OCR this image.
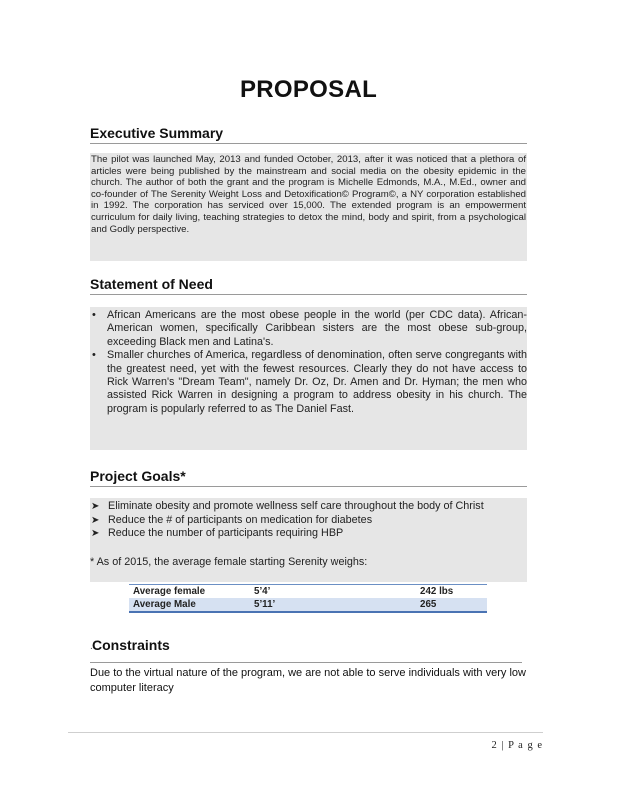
PROPOSAL
Executive Summary

The pilot was launched May, 2013 and funded October, 2013, after it was noticed that a plethora of articles were being published by the mainstream and social media on the obesity epidemic in the church. The author of both the grant and the program is Michelle Edmonds, M.A., M.Ed., owner and co-founder of The Serenity Weight Loss and Detoxification© Program©, a NY corporation established in 1992. The corporation has serviced over 15,000. The extended program is an empowerment curriculum for daily living, teaching strategies to detox the mind, body and spirit, from a psychological and Godly perspective.

Statement of Need
• African Americans are the most obese people in the world (per CDC data). African-American women, specifically Caribbean sisters are the most obese sub-group, exceeding Black men and Latina's.
• Smaller churches of America, regardless of denomination, often serve congregants with the greatest need, yet with the fewest resources. Clearly they do not have access to Rick Warren's "Dream Team", namely Dr. Oz, Dr. Amen and Dr. Hyman; the men who assisted Rick Warren in designing a program to address obesity in his church. The program is popularly referred to as The Daniel Fast.
Project Goals*
➤ Eliminate obesity and promote wellness self care throughout the body of Christ
➤ Reduce the # of participants on medication for diabetes
➤ Reduce the number of participants requiring HBP
* As of 2015, the average female starting Serenity weighs:
Average female	5’4’	242 lbs
Average Male	5’11’	265
. Constraints

Due to the virtual nature of the program, we are not able to serve individuals with very low computer literacy

2 | P a g e
